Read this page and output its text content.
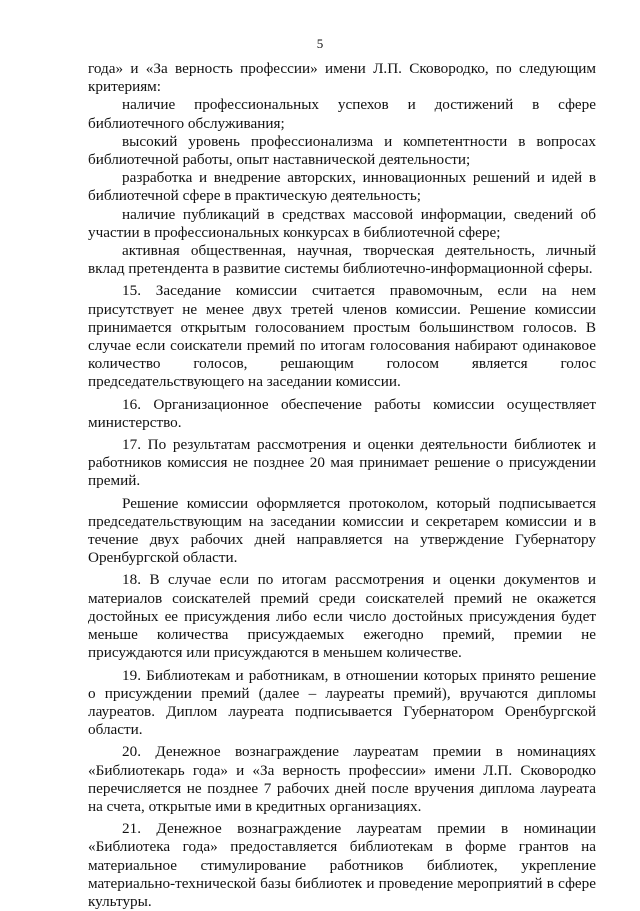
5

года» и «За верность профессии» имени Л.П. Сковородко, по следующим критериям:

наличие профессиональных успехов и достижений в сфере библиотечного обслуживания;

высокий уровень профессионализма и компетентности в вопросах библиотечной работы, опыт наставнической деятельности;

разработка и внедрение авторских, инновационных решений и идей в библиотечной сфере в практическую деятельность;

наличие публикаций в средствах массовой информации, сведений об участии в профессиональных конкурсах в библиотечной сфере;

активная общественная, научная, творческая деятельность, личный вклад претендента в развитие системы библиотечно-информационной сферы.

15. Заседание комиссии считается правомочным, если на нем присутствует не менее двух третей членов комиссии. Решение комиссии принимается открытым голосованием простым большинством голосов. В случае если соискатели премий по итогам голосования набирают одинаковое количество голосов, решающим голосом является голос председательствующего на заседании комиссии.

16. Организационное обеспечение работы комиссии осуществляет министерство.

17. По результатам рассмотрения и оценки деятельности библиотек и работников комиссия не позднее 20 мая принимает решение о присуждении премий.

Решение комиссии оформляется протоколом, который подписывается председательствующим на заседании комиссии и секретарем комиссии и в течение двух рабочих дней направляется на утверждение Губернатору Оренбургской области.

18. В случае если по итогам рассмотрения и оценки документов и материалов соискателей премий среди соискателей премий не окажется достойных ее присуждения либо если число достойных присуждения будет меньше количества присуждаемых ежегодно премий, премии не присуждаются или присуждаются в меньшем количестве.

19. Библиотекам и работникам, в отношении которых принято решение о присуждении премий (далее – лауреаты премий), вручаются дипломы лауреатов. Диплом лауреата подписывается Губернатором Оренбургской области.

20. Денежное вознаграждение лауреатам премии в номинациях «Библиотекарь года» и «За верность профессии» имени Л.П. Сковородко перечисляется не позднее 7 рабочих дней после вручения диплома лауреата на счета, открытые ими в кредитных организациях.

21. Денежное вознаграждение лауреатам премии в номинации «Библиотека года» предоставляется библиотекам в форме грантов на материальное стимулирование работников библиотек, укрепление материально-технической базы библиотек и проведение мероприятий в сфере культуры.
